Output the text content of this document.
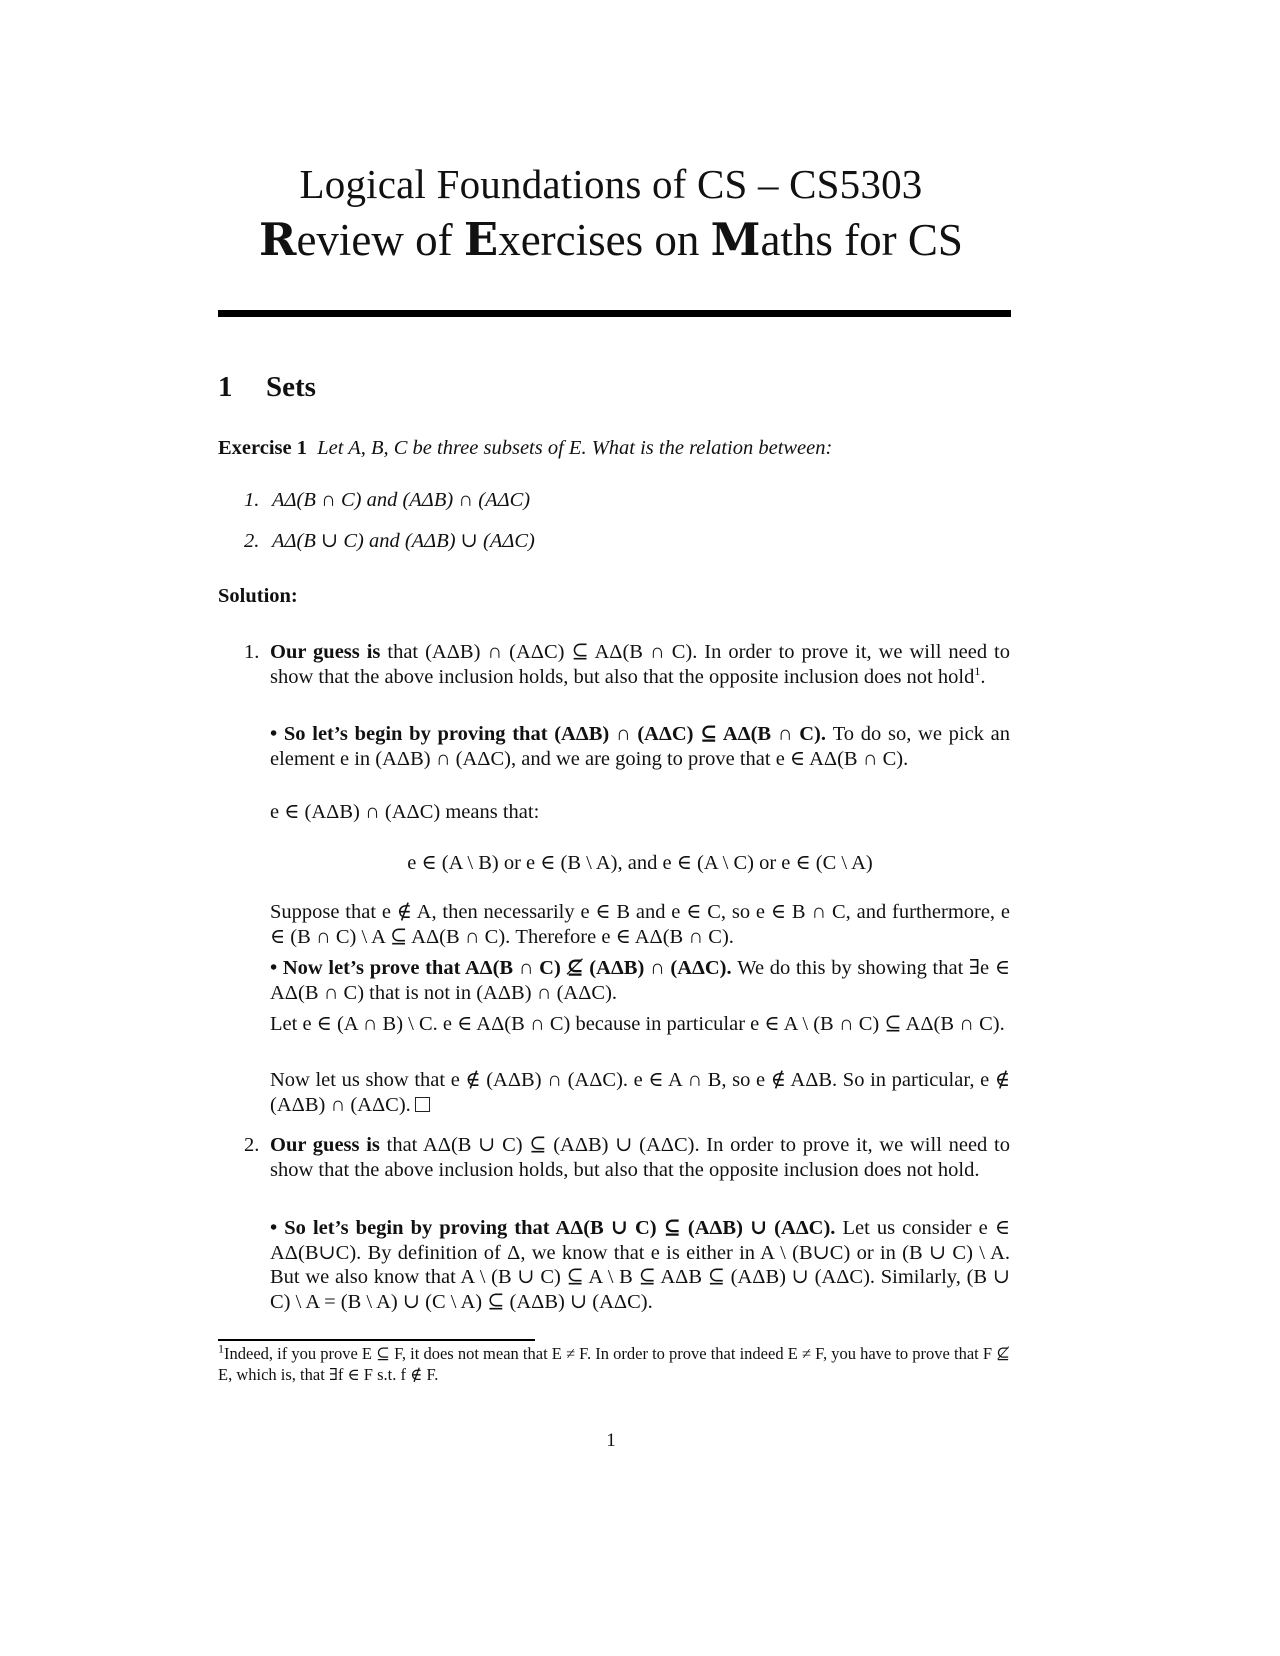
Logical Foundations of CS – CS5303
Review of Exercises on Maths for CS
1 Sets
Exercise 1 Let A, B, C be three subsets of E. What is the relation between:
1. AΔ(B ∩ C) and (AΔB) ∩ (AΔC)
2. AΔ(B ∪ C) and (AΔB) ∪ (AΔC)
Solution:
1. Our guess is that (AΔB) ∩ (AΔC) ⊆ AΔ(B ∩ C). In order to prove it, we will need to show that the above inclusion holds, but also that the opposite inclusion does not hold$^1$.
• So let’s begin by proving that (AΔB) ∩ (AΔC) ⊆ AΔ(B ∩ C). To do so, we pick an element e in (AΔB) ∩ (AΔC), and we are going to prove that e ∈ AΔ(B ∩ C).
e ∈ (AΔB) ∩ (AΔC) means that:
e ∈ (A \ B) or e ∈ (B \ A), and e ∈ (A \ C) or e ∈ (C \ A)
Suppose that e ∉ A, then necessarily e ∈ B and e ∈ C, so e ∈ B ∩ C, and furthermore, e ∈ (B ∩ C) \ A ⊆ AΔ(B ∩ C). Therefore e ∈ AΔ(B ∩ C).
• Now let’s prove that AΔ(B ∩ C) ⊈ (AΔB) ∩ (AΔC). We do this by showing that ∃e ∈ AΔ(B ∩ C) that is not in (AΔB) ∩ (AΔC).
Let e ∈ (A ∩ B) \ C. e ∈ AΔ(B ∩ C) because in particular e ∈ A \ (B ∩ C) ⊆ AΔ(B ∩ C).
Now let us show that e ∉ (AΔB) ∩ (AΔC). e ∈ A ∩ B, so e ∉ AΔB. So in particular, e ∉ (AΔB) ∩ (AΔC).
2. Our guess is that AΔ(B ∪ C) ⊆ (AΔB) ∪ (AΔC). In order to prove it, we will need to show that the above inclusion holds, but also that the opposite inclusion does not hold.
• So let’s begin by proving that AΔ(B ∪ C) ⊆ (AΔB) ∪ (AΔC). Let us consider e ∈ AΔ(B∪C). By definition of Δ, we know that e is either in A \ (B∪C) or in (B ∪ C) \ A. But we also know that A \ (B ∪ C) ⊆ A \ B ⊆ AΔB ⊆ (AΔB) ∪ (AΔC). Similarly, (B ∪ C) \ A = (B \ A) ∪ (C \ A) ⊆ (AΔB) ∪ (AΔC).
$^1$Indeed, if you prove E ⊆ F, it does not mean that E ≠ F. In order to prove that indeed E ≠ F, you have to prove that F ⊈ E, which is, that ∃f ∈ F s.t. f ∉ F.
1
